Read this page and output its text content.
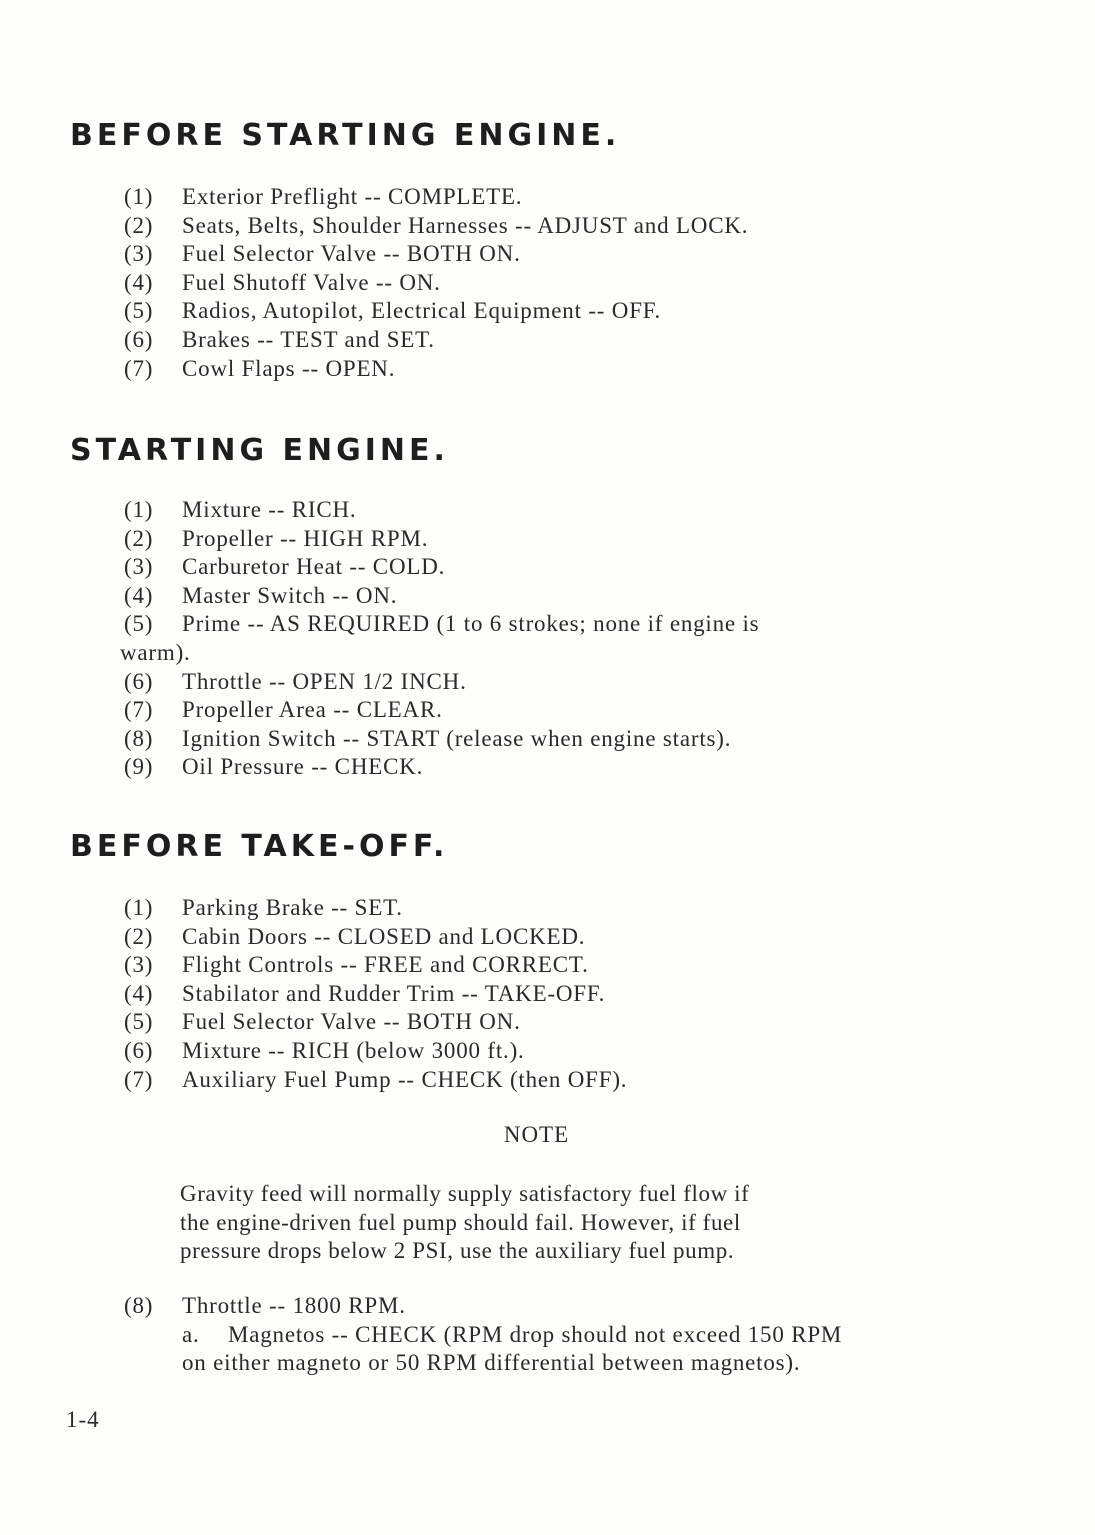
BEFORE STARTING ENGINE.
(1) Exterior Preflight -- COMPLETE.
(2) Seats, Belts, Shoulder Harnesses -- ADJUST and LOCK.
(3) Fuel Selector Valve -- BOTH ON.
(4) Fuel Shutoff Valve -- ON.
(5) Radios, Autopilot, Electrical Equipment -- OFF.
(6) Brakes -- TEST and SET.
(7) Cowl Flaps -- OPEN.
STARTING ENGINE.
(1) Mixture -- RICH.
(2) Propeller -- HIGH RPM.
(3) Carburetor Heat -- COLD.
(4) Master Switch -- ON.
(5) Prime -- AS REQUIRED (1 to 6 strokes; none if engine is
warm).
(6) Throttle -- OPEN 1/2 INCH.
(7) Propeller Area -- CLEAR.
(8) Ignition Switch -- START (release when engine starts).
(9) Oil Pressure -- CHECK.
BEFORE TAKE-OFF.
(1) Parking Brake -- SET.
(2) Cabin Doors -- CLOSED and LOCKED.
(3) Flight Controls -- FREE and CORRECT.
(4) Stabilator and Rudder Trim -- TAKE-OFF.
(5) Fuel Selector Valve -- BOTH ON.
(6) Mixture -- RICH (below 3000 ft.).
(7) Auxiliary Fuel Pump -- CHECK (then OFF).
NOTE
Gravity feed will normally supply satisfactory fuel flow if
the engine-driven fuel pump should fail. However, if fuel
pressure drops below 2 PSI, use the auxiliary fuel pump.
(8) Throttle -- 1800 RPM.
a. Magnetos -- CHECK (RPM drop should not exceed 150 RPM
on either magneto or 50 RPM differential between magnetos).
1-4
